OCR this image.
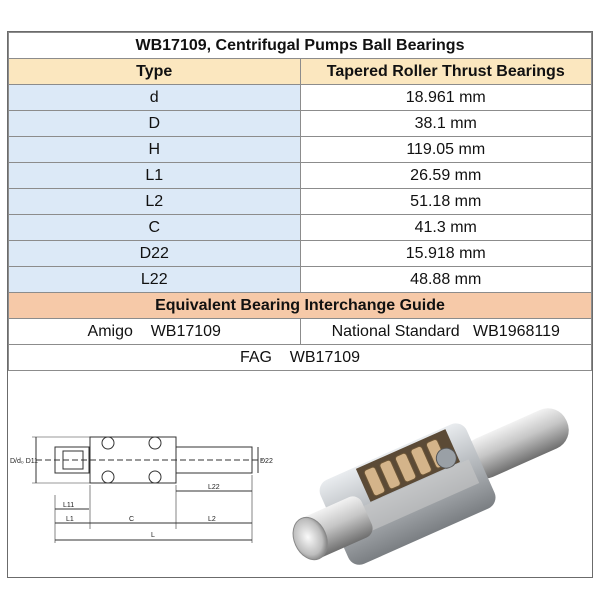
WB17109, Centrifugal Pumps Ball Bearings	
Type	Tapered Roller Thrust Bearings
d	18.961 mm
D	38.1 mm
H	119.05 mm
L1	26.59 mm
L2	51.18 mm
C	41.3 mm
D22	15.918 mm
L22	48.88 mm
Equivalent Bearing Interchange Guide	
Amigo WB17109	National Standard WB1968119
FAG WB17109	
D/d₀ D11	D22
L22
L11
L1	C	L2
L
